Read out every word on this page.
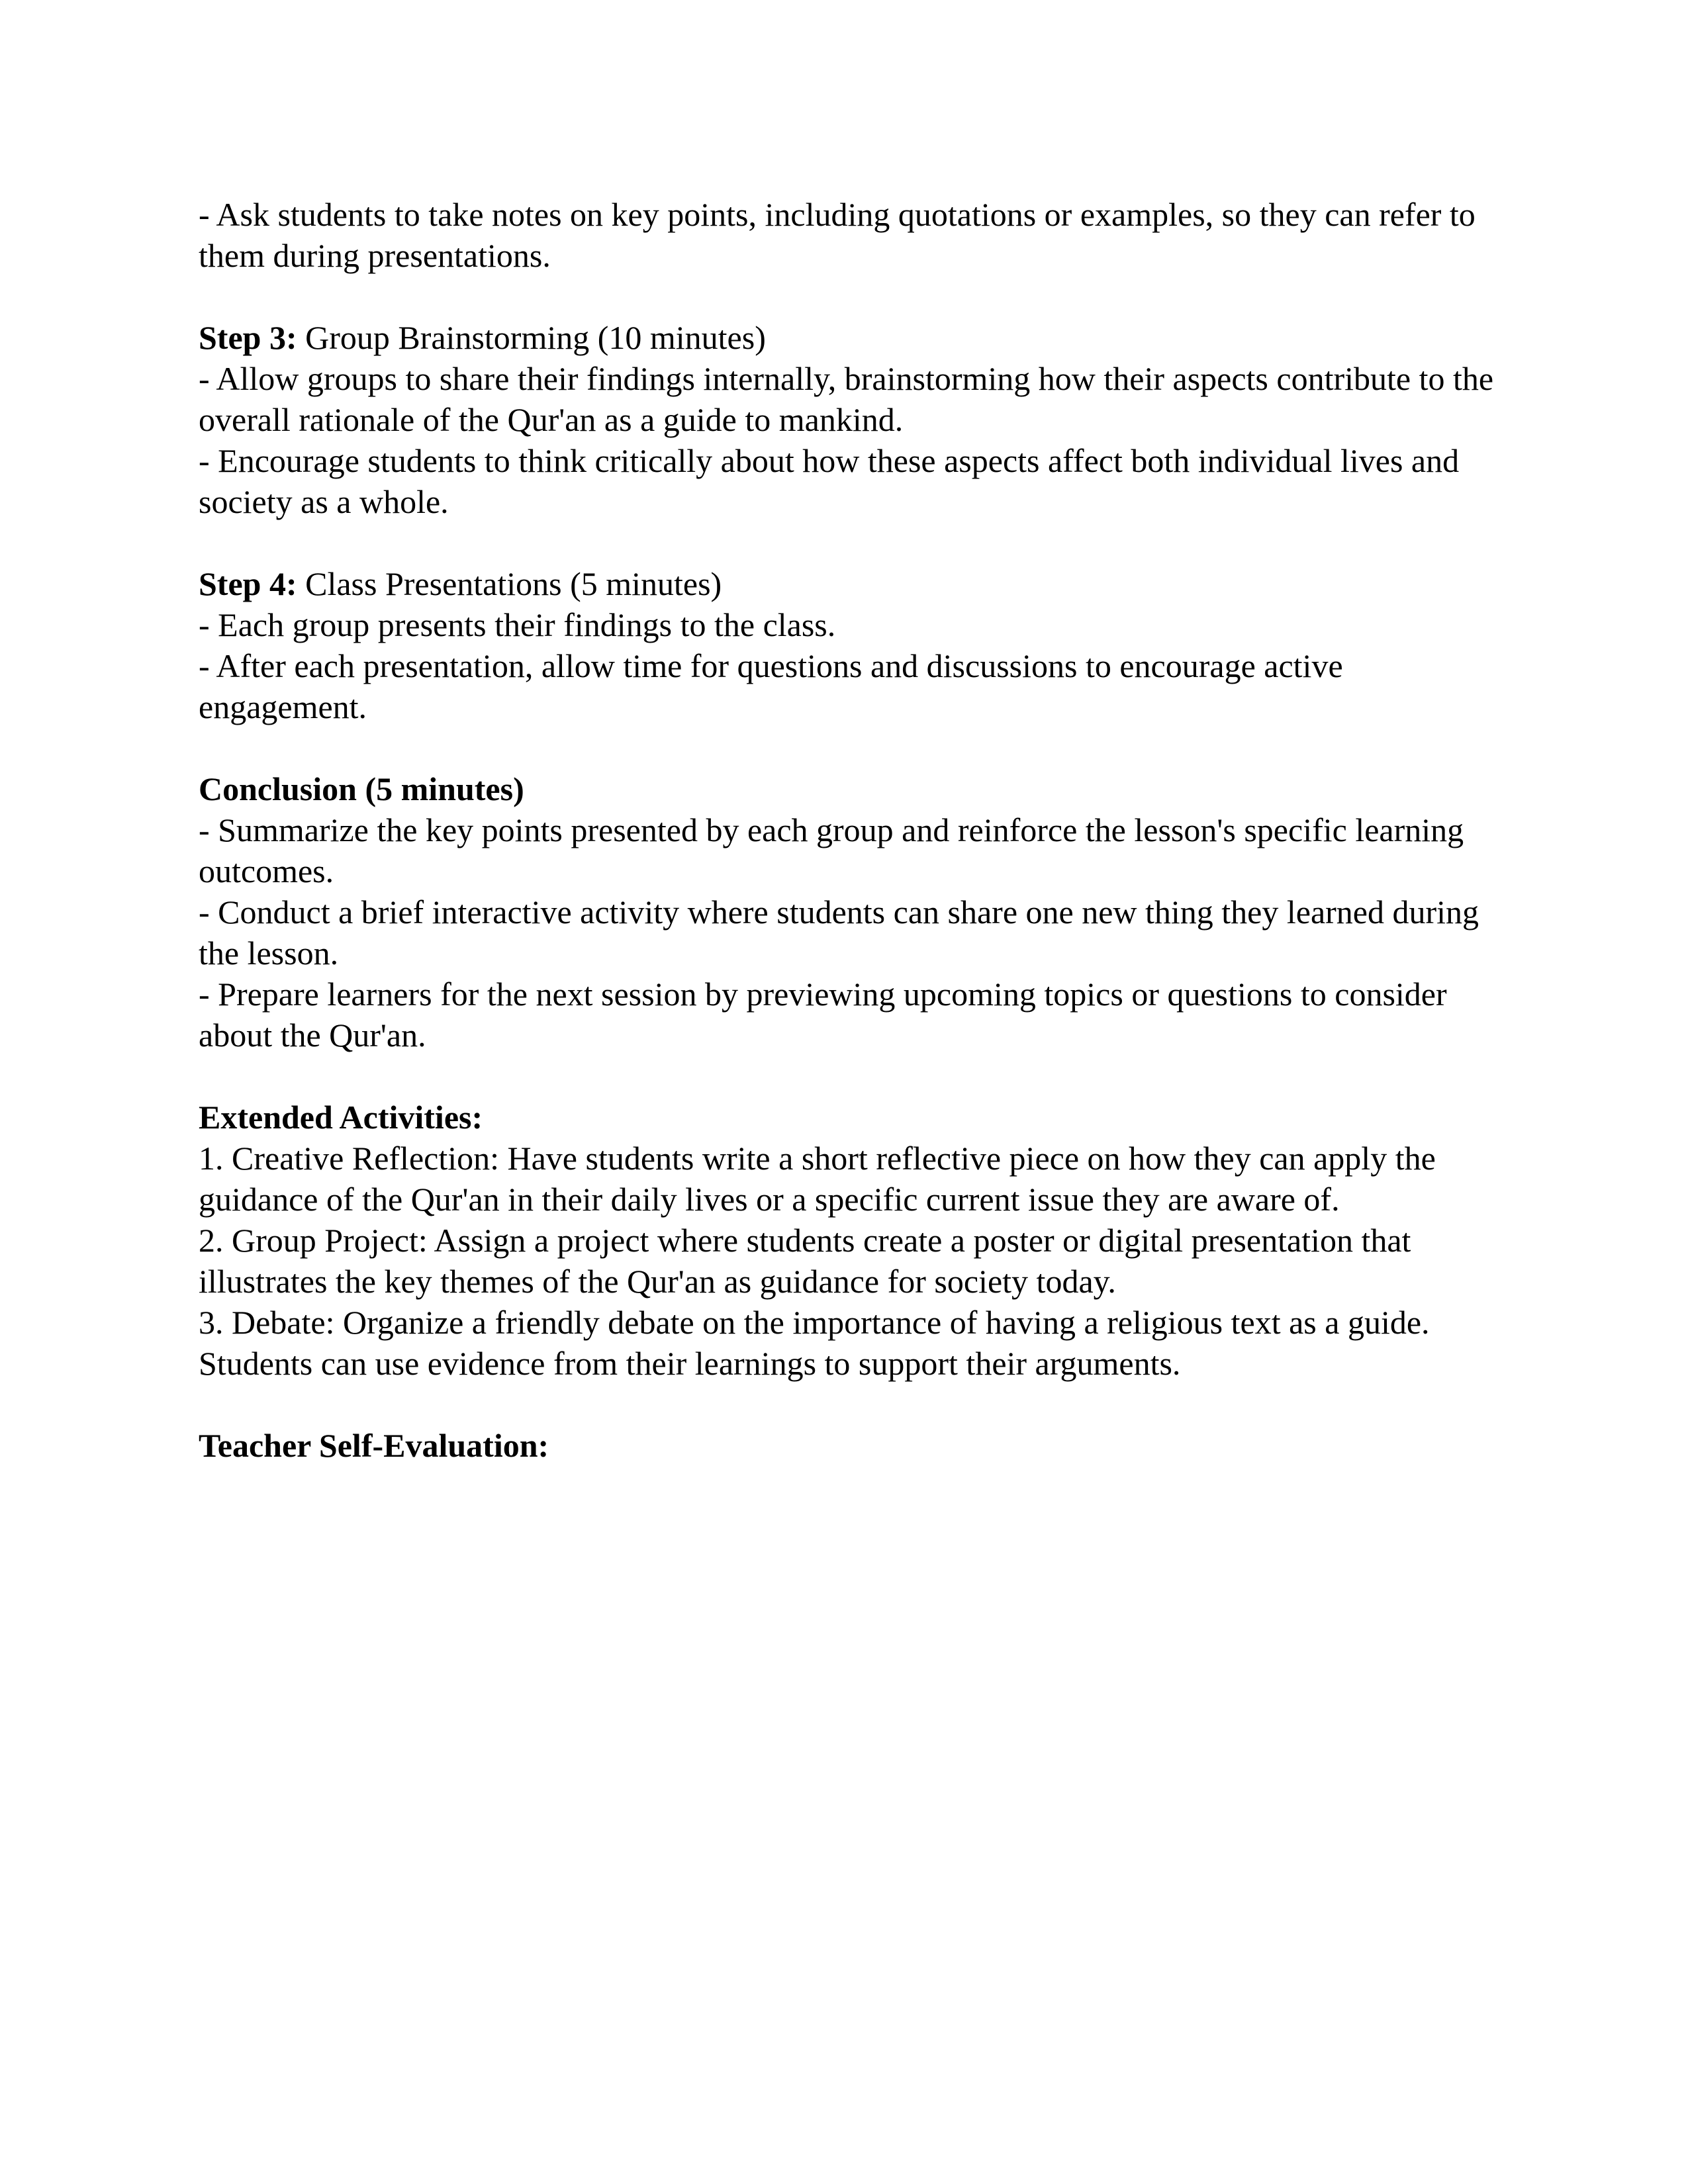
- Ask students to take notes on key points, including quotations or examples, so they can refer to them during presentations.

Step 3: Group Brainstorming (10 minutes)

- Allow groups to share their findings internally, brainstorming how their aspects contribute to the overall rationale of the Qur'an as a guide to mankind.

- Encourage students to think critically about how these aspects affect both individual lives and society as a whole.

Step 4: Class Presentations (5 minutes)

- Each group presents their findings to the class.

- After each presentation, allow time for questions and discussions to encourage active engagement.

Conclusion (5 minutes)

- Summarize the key points presented by each group and reinforce the lesson's specific learning outcomes.

- Conduct a brief interactive activity where students can share one new thing they learned during the lesson.

- Prepare learners for the next session by previewing upcoming topics or questions to consider about the Qur'an.

Extended Activities:

1. Creative Reflection: Have students write a short reflective piece on how they can apply the guidance of the Qur'an in their daily lives or a specific current issue they are aware of.

2. Group Project: Assign a project where students create a poster or digital presentation that illustrates the key themes of the Qur'an as guidance for society today.

3. Debate: Organize a friendly debate on the importance of having a religious text as a guide. Students can use evidence from their learnings to support their arguments.

Teacher Self-Evaluation:
